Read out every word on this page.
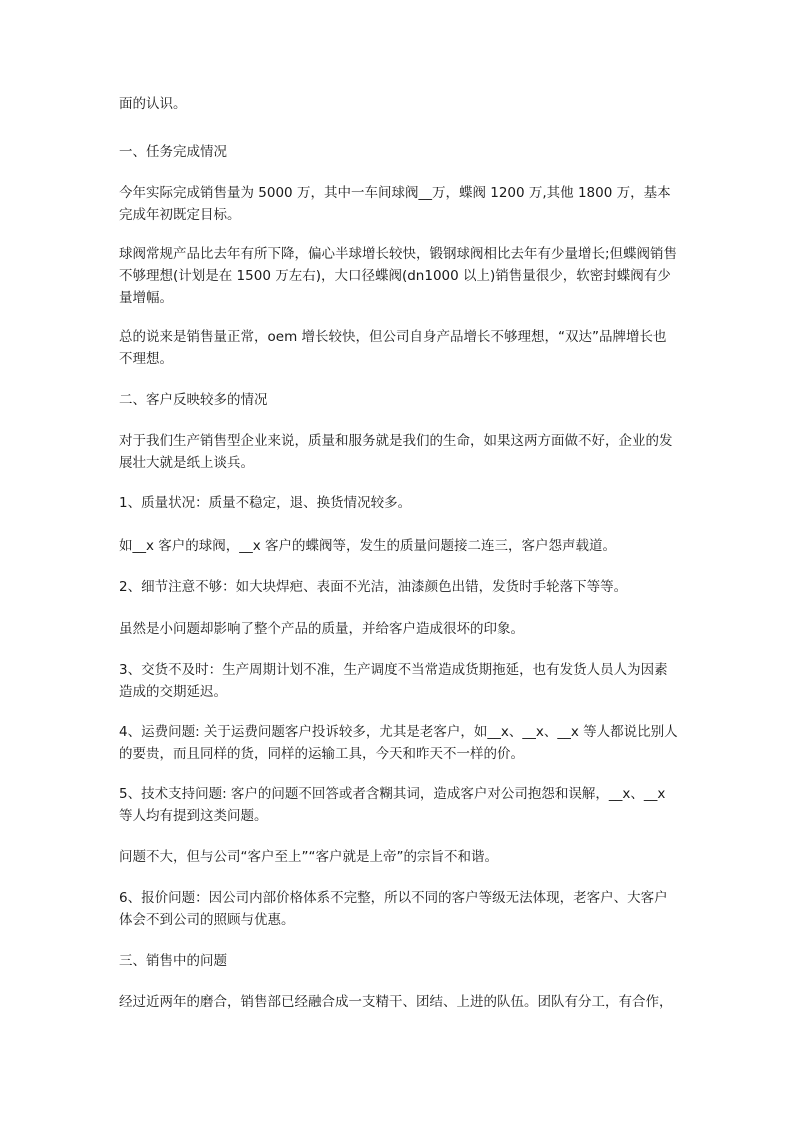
面的认识。

一、任务完成情况

今年实际完成销售量为 5000 万，其中一车间球阀__万，蝶阀 1200 万,其他 1800 万，基本完成年初既定目标。

球阀常规产品比去年有所下降，偏心半球增长较快，锻钢球阀相比去年有少量增长;但蝶阀销售不够理想(计划是在 1500 万左右)，大口径蝶阀(dn1000 以上)销售量很少，软密封蝶阀有少量增幅。

总的说来是销售量正常，oem 增长较快，但公司自身产品增长不够理想，“双达”品牌增长也不理想。

二、客户反映较多的情况

对于我们生产销售型企业来说，质量和服务就是我们的生命，如果这两方面做不好，企业的发展壮大就是纸上谈兵。

1、质量状况：质量不稳定，退、换货情况较多。

如__x 客户的球阀，__x 客户的蝶阀等，发生的质量问题接二连三，客户怨声载道。

2、细节注意不够：如大块焊疤、表面不光洁，油漆颜色出错，发货时手轮落下等等。

虽然是小问题却影响了整个产品的质量，并给客户造成很坏的印象。

3、交货不及时：生产周期计划不准，生产调度不当常造成货期拖延，也有发货人员人为因素造成的交期延迟。

4、运费问题: 关于运费问题客户投诉较多，尤其是老客户，如__x、__x、__x 等人都说比别人的要贵，而且同样的货，同样的运输工具，今天和昨天不一样的价。

5、技术支持问题: 客户的问题不回答或者含糊其词，造成客户对公司抱怨和误解，__x、__x 等人均有提到这类问题。

问题不大，但与公司“客户至上”“客户就是上帝”的宗旨不和谐。

6、报价问题：因公司内部价格体系不完整，所以不同的客户等级无法体现，老客户、大客户体会不到公司的照顾与优惠。

三、销售中的问题

经过近两年的磨合，销售部已经融合成一支精干、团结、上进的队伍。团队有分工，有合作，
